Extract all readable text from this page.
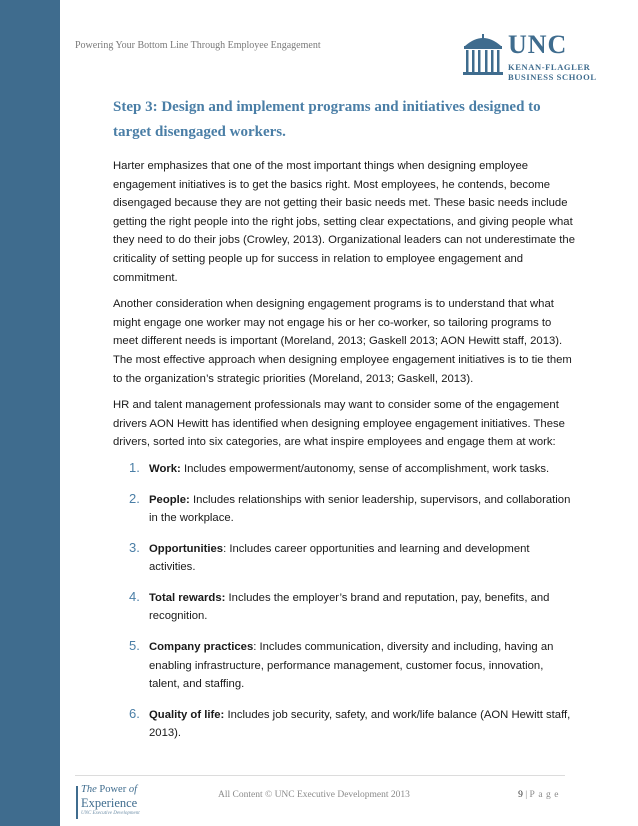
Powering Your Bottom Line Through Employee Engagement	UNC
KENAN-FLAGLER
BUSINESS SCHOOL
Step 3: Design and implement programs and initiatives designed to target disengaged workers.

Harter emphasizes that one of the most important things when designing employee engagement initiatives is to get the basics right. Most employees, he contends, become disengaged because they are not getting their basic needs met. These basic needs include getting the right people into the right jobs, setting clear expectations, and giving people what they need to do their jobs (Crowley, 2013). Organizational leaders can not underestimate the criticality of setting people up for success in relation to employee engagement and commitment.

Another consideration when designing engagement programs is to understand that what might engage one worker may not engage his or her co-worker, so tailoring programs to meet different needs is important (Moreland, 2013; Gaskell 2013; AON Hewitt staff, 2013). The most effective approach when designing employee engagement initiatives is to tie them to the organization’s strategic priorities (Moreland, 2013; Gaskell, 2013).

HR and talent management professionals may want to consider some of the engagement drivers AON Hewitt has identified when designing employee engagement initiatives. These drivers, sorted into six categories, are what inspire employees and engage them at work:

1. Work: Includes empowerment/autonomy, sense of accomplishment, work tasks.
2. People: Includes relationships with senior leadership, supervisors, and collaboration in the workplace.
3. Opportunities: Includes career opportunities and learning and development activities.
4. Total rewards: Includes the employer’s brand and reputation, pay, benefits, and recognition.
5. Company practices: Includes communication, diversity and including, having an enabling infrastructure, performance management, customer focus, innovation, talent, and staffing.
6. Quality of life: Includes job security, safety, and work/life balance (AON Hewitt staff, 2013).
The Power of
Experience
UNC Executive Development
All Content © UNC Executive Development 2013	9 | Page
